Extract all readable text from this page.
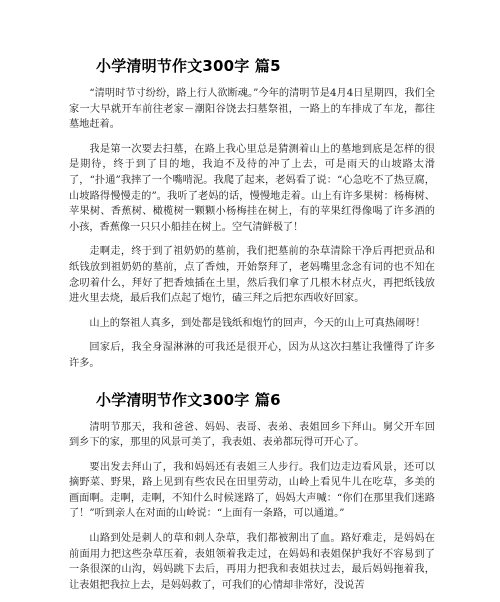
小学清明节作文300字 篇5

“清明时节寸纷纷，路上行人欲断魂。”今年的清明节是4月4日星期四，我们全家一大早就开车前往老家－潮阳谷饶去扫墓祭祖，一路上的车排成了车龙，都往墓地赶着。

我是第一次要去扫墓，在路上我心里总是猜测着山上的墓地到底是怎样的很是期待，终于到了目的地，我迫不及待的冲了上去，可是雨天的山坡路太滑了，“扑通”我摔了一个嘴啃泥。我爬了起来，老妈看了说：“心急吃不了热豆腐，山坡路得慢慢走的”。我听了老妈的话，慢慢地走着。山上有许多果树：杨梅树、苹果树、香蕉树、橄榄树一颗颗小杨梅挂在树上，有的苹果红得像喝了许多酒的小孩，香蕉像一只只小船挂在树上。空气清鲜极了！

走啊走，终于到了祖奶奶的墓前，我们把墓前的杂草清除干净后再把贡品和纸钱放到祖奶奶的墓前，点了香烛，开始祭拜了，老妈嘴里念念有词的也不知在念叨着什么，拜好了把香烛插在土里，然后我们拿了几根木材点火，再把纸钱放进火里去烧，最后我们点起了炮竹，磕三拜之后把东西收好回家。

山上的祭祖人真多，到处都是钱纸和炮竹的回声，今天的山上可真热闹呀！

回家后，我全身湿淋淋的可我还是很开心，因为从这次扫墓让我懂得了许多许多。

小学清明节作文300字 篇6

清明节那天，我和爸爸、妈妈、表哥、表弟、表姐回乡下拜山。舅父开车回到乡下的家，那里的风景可美了，我表姐、表弟都玩得可开心了。

要出发去拜山了，我和妈妈还有表姐三人步行。我们边走边看风景，还可以摘野菜、野果，路上见到有些农民在田里劳动，山岭上看见牛儿在吃草，多美的画面啊。走啊，走啊，不知什么时候迷路了，妈妈大声喊：“你们在那里我们迷路了！”听到亲人在对面的山岭说：“上面有一条路，可以通道。”

山路到处是刺人的草和刺人杂草，我们都被割出了血。路好难走，是妈妈在前面用力把这些杂草压着，表姐领着我走过，在妈妈和表姐保护我好不容易到了一条很深的山沟，妈妈跳下去后，再用力把我和表姐扶过去，最后妈妈拖着我，让表姐把我拉上去，是妈妈救了，可我们的心情却非常好，没说苦
